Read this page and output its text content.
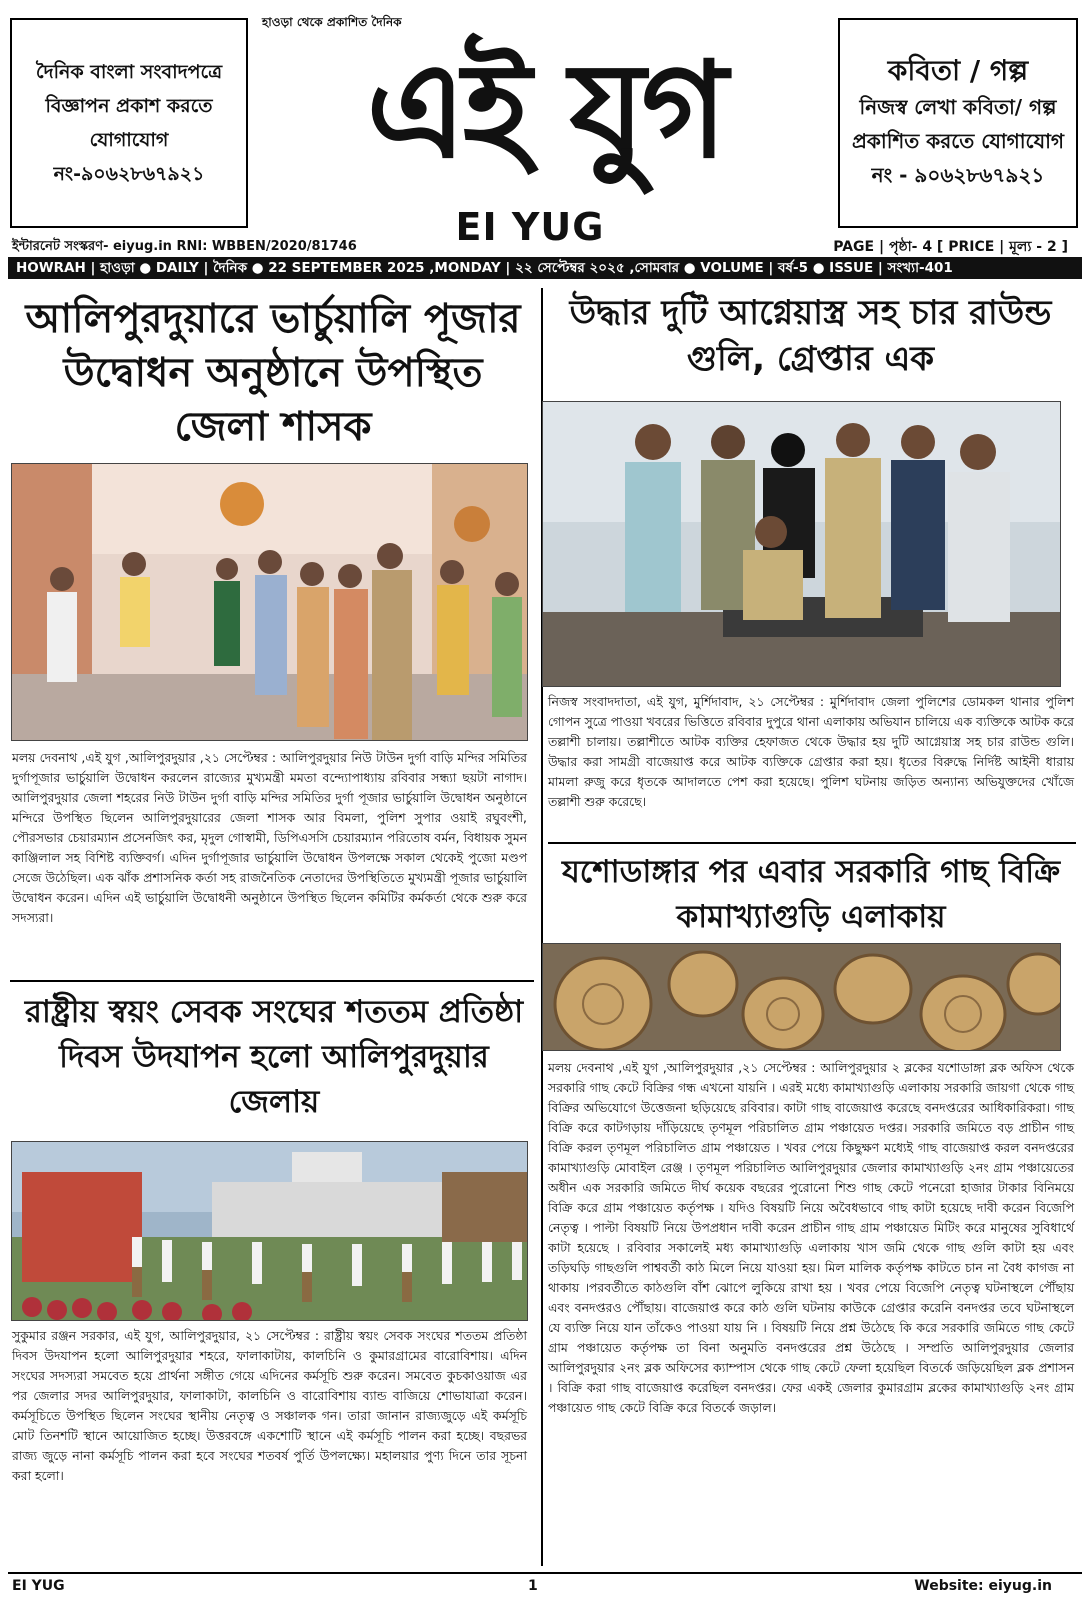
দৈনিক বাংলা সংবাদপত্রে বিজ্ঞাপন প্রকাশ করতে যোগাযোগ নং-৯০৬২৮৬৭৯২১
হাওড়া থেকে প্রকাশিত দৈনিক
এই যুগ
EI YUG
কবিতা / গল্প
নিজস্ব লেখা কবিতা/ গল্প প্রকাশিত করতে যোগাযোগ নং - ৯০৬২৮৬৭৯২১
ইন্টারনেট সংস্করণ- eiyug.in RNI: WBBEN/2020/81746	PAGE | পৃষ্ঠা- 4 [ PRICE | মূল্য - 2 ]
HOWRAH | হাওড়া ● DAILY | দৈনিক ● 22 SEPTEMBER 2025 ,MONDAY | ২২ সেপ্টেম্বর ২০২৫ ,সোমবার ● VOLUME | বর্ষ-5 ● ISSUE | সংখ্যা-401
আলিপুরদুয়ারে ভার্চুয়ালি পূজার উদ্বোধন অনুষ্ঠানে উপস্থিত জেলা শাসক
মলয় দেবনাথ ,এই যুগ ,আলিপুরদুয়ার ,২১ সেপ্টেম্বর : আলিপুরদুয়ার নিউ টাউন দুর্গা বাড়ি মন্দির সমিতির দুর্গাপূজার ভার্চুয়ালি উদ্বোধন করলেন রাজ্যের মুখ্যমন্ত্রী মমতা বন্দ্যোপাধ্যায় রবিবার সন্ধ্যা ছয়টা নাগাদ। আলিপুরদুয়ার জেলা শহরের নিউ টাউন দুর্গা বাড়ি মন্দির সমিতির দুর্গা পূজার ভার্চুয়ালি উদ্বোধন অনুষ্ঠানে মন্দিরে উপস্থিত ছিলেন আলিপুরদুয়ারের জেলা শাসক আর বিমলা, পুলিশ সুপার ওয়াই রঘুবংশী, পৌরসভার চেয়ারম্যান প্রসেনজিৎ কর, মৃদুল গোস্বামী, ডিপিএসসি চেয়ারম্যান পরিতোষ বর্মন, বিধায়ক সুমন কাঞ্জিলাল সহ বিশিষ্ট ব্যক্তিবর্গ। এদিন দুর্গাপূজার ভার্চুয়ালি উদ্বোধন উপলক্ষে সকাল থেকেই পুজো মণ্ডপ সেজে উঠেছিল। এক ঝাঁক প্রশাসনিক কর্তা সহ রাজনৈতিক নেতাদের উপস্থিতিতে মুখ্যমন্ত্রী পূজার ভার্চুয়ালি উদ্বোধন করেন। এদিন এই ভার্চুয়ালি উদ্বোধনী অনুষ্ঠানে উপস্থিত ছিলেন কমিটির কর্মকর্তা থেকে শুরু করে সদস্যরা।
উদ্ধার দুটি আগ্নেয়াস্ত্র সহ চার রাউন্ড গুলি, গ্রেপ্তার এক
নিজস্ব সংবাদদাতা, এই যুগ, মুর্শিদাবাদ, ২১ সেপ্টেম্বর : মুর্শিদাবাদ জেলা পুলিশের ডোমকল থানার পুলিশ গোপন সুত্রে পাওয়া খবরের ভিত্তিতে রবিবার দুপুরে থানা এলাকায় অভিযান চালিয়ে এক ব্যক্তিকে আটক করে তল্লাশী চালায়। তল্লাশীতে আটক ব্যক্তির হেফাজত থেকে উদ্ধার হয় দুটি আগ্নেয়াস্ত্র সহ চার রাউন্ড গুলি। উদ্ধার করা সামগ্রী বাজেয়াপ্ত করে আটক ব্যক্তিকে গ্রেপ্তার করা হয়। ধৃতের বিরুদ্ধে নির্দিষ্ট আইনী ধারায় মামলা রুজু করে ধৃতকে আদালতে পেশ করা হয়েছে। পুলিশ ঘটনায় জড়িত অন্যান্য অভিযুক্তদের খোঁজে তল্লাশী শুরু করেছে।
যশোডাঙ্গার পর এবার সরকারি গাছ বিক্রি কামাখ্যাগুড়ি এলাকায়
মলয় দেবনাথ ,এই যুগ ,আলিপুরদুয়ার ,২১ সেপ্টেম্বর : আলিপুরদুয়ার ২ ব্লকের যশোডাঙ্গা ব্লক অফিস থেকে সরকারি গাছ কেটে বিক্রির গন্ধ এখনো যায়নি । এরই মধ্যে কামাখ্যাগুড়ি এলাকায় সরকারি জায়গা থেকে গাছ বিক্রির অভিযোগে উত্তেজনা ছড়িয়েছে রবিবার। কাটা গাছ বাজেয়াপ্ত করেছে বনদপ্তরের আধিকারিকরা। গাছ বিক্রি করে কাটগড়ায় দাঁড়িয়েছে তৃণমূল পরিচালিত গ্রাম পঞ্চায়েত দপ্তর। সরকারি জমিতে বড় প্রাচীন গাছ বিক্রি করল তৃণমূল পরিচালিত গ্রাম পঞ্চায়েত । খবর পেয়ে কিছুক্ষণ মধ্যেই গাছ বাজেয়াপ্ত করল বনদপ্তরের কামাখ্যাগুড়ি মোবাইল রেঞ্জ । তৃণমূল পরিচালিত আলিপুরদুয়ার জেলার কামাখ্যাগুড়ি ২নং গ্রাম পঞ্চায়েতের অধীন এক সরকারি জমিতে দীর্ঘ কয়েক বছরের পুরোনো শিশু গাছ কেটে পনেরো হাজার টাকার বিনিময়ে বিক্রি করে গ্রাম পঞ্চায়েত কর্তৃপক্ষ । যদিও বিষয়টি নিয়ে অবৈধভাবে গাছ কাটা হয়েছে দাবী করেন বিজেপি নেতৃত্ব । পাল্টা বিষয়টি নিয়ে উপপ্রধান দাবী করেন প্রাচীন গাছ গ্রাম পঞ্চায়েত মিটিং করে মানুষের সুবিধার্থে কাটা হয়েছে । রবিবার সকালেই মধ্য কামাখ্যাগুড়ি এলাকায় খাস জমি থেকে গাছ গুলি কাটা হয় এবং তড়িঘড়ি গাছগুলি পাশ্ববর্তী কাঠ মিলে নিয়ে যাওয়া হয়। মিল মালিক কর্তৃপক্ষ কাটতে চান না বৈধ কাগজ না থাকায় ।পরবর্তীতে কাঠগুলি বাঁশ ঝোপে লুকিয়ে রাখা হয় । খবর পেয়ে বিজেপি নেতৃত্ব ঘটনাস্থলে পৌঁছায় এবং বনদপ্তরও পৌঁছায়। বাজেয়াপ্ত করে কাঠ গুলি ঘটনায় কাউকে গ্রেপ্তার করেনি বনদপ্তর তবে ঘটনাস্থলে যে ব্যক্তি নিয়ে যান তাঁকেও পাওয়া যায় নি । বিষয়টি নিয়ে প্রশ্ন উঠেছে কি করে সরকারি জমিতে গাছ কেটে গ্রাম পঞ্চায়েত কর্তৃপক্ষ তা বিনা অনুমতি বনদপ্তরের প্রশ্ন উঠেছে । সম্প্রতি আলিপুরদুয়ার জেলার আলিপুরদুয়ার ২নং ব্লক অফিসের ক্যাম্পাস থেকে গাছ কেটে ফেলা হয়েছিল বিতর্কে জড়িয়েছিল ব্লক প্রশাসন । বিক্রি করা গাছ বাজেয়াপ্ত করেছিল বনদপ্তর। ফের একই জেলার কুমারগ্রাম ব্লকের কামাখ্যাগুড়ি ২নং গ্রাম পঞ্চায়েত গাছ কেটে বিক্রি করে বিতর্কে জড়াল।
রাষ্ট্রীয় স্বয়ং সেবক সংঘের শততম প্রতিষ্ঠা দিবস উদযাপন হলো আলিপুরদুয়ার জেলায়
সুকুমার রঞ্জন সরকার, এই যুগ, আলিপুরদুয়ার, ২১ সেপ্টেম্বর : রাষ্ট্রীয় স্বয়ং সেবক সংঘের শততম প্রতিষ্ঠা দিবস উদযাপন হলো আলিপুরদুয়ার শহরে, ফালাকাটায়, কালচিনি ও কুমারগ্রামের বারোবিশায়। এদিন সংঘের সদস্যরা সমবেত হয়ে প্রার্থনা সঙ্গীত গেয়ে এদিনের কর্মসূচি শুরু করেন। সমবেত কুচকাওয়াজ এর পর জেলার সদর আলিপুরদুয়ার, ফালাকাটা, কালচিনি ও বারোবিশায় ব্যান্ড বাজিয়ে শোভাযাত্রা করেন। কর্মসূচিতে উপস্থিত ছিলেন সংঘের স্থানীয় নেতৃত্ব ও সঞ্চালক গন। তারা জানান রাজ্যজুড়ে এই কর্মসূচি মোট তিনশটি স্থানে আয়োজিত হচ্ছে। উত্তরবঙ্গে একশোটি স্থানে এই কর্মসূচি পালন করা হচ্ছে। বছরভর রাজ্য জুড়ে নানা কর্মসূচি পালন করা হবে সংঘের শতবর্ষ পুর্তি উপলক্ষ্যে। মহালয়ার পুণ্য দিনে তার সূচনা করা হলো।
EI YUG	1	Website: eiyug.in
